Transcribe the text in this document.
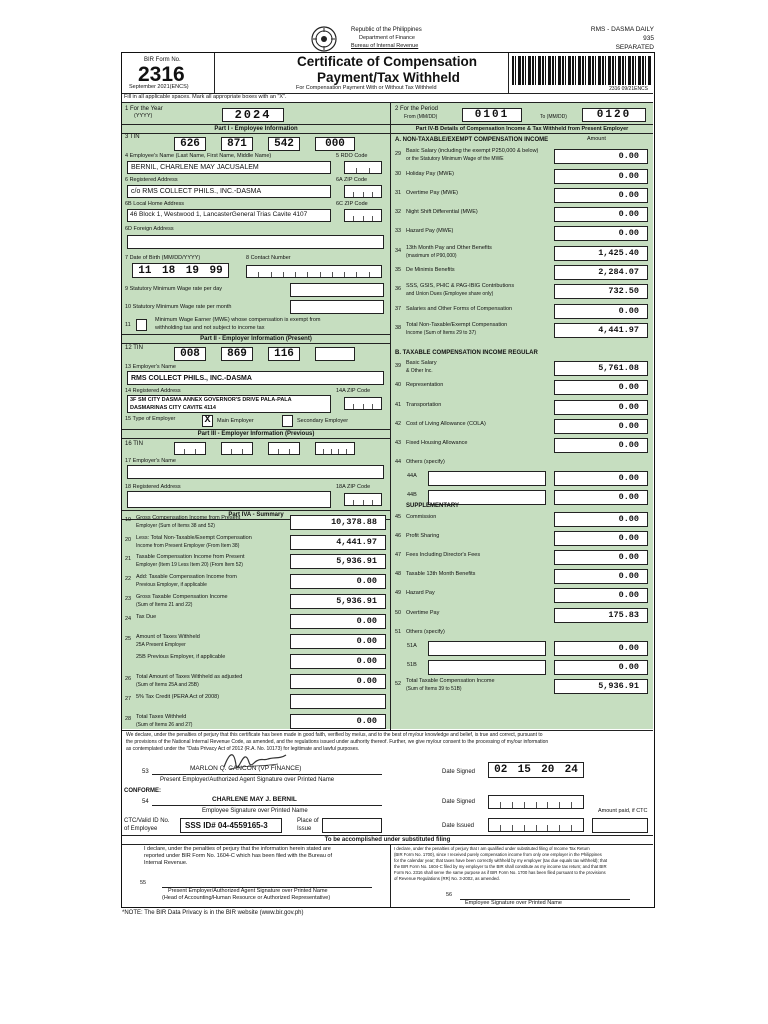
Republic of the Philippines
Department of Finance
Bureau of Internal Revenue
RMS - DASMA DAILY
935
SEPARATED
BIR Form No.
2316
September 2021(ENCS)
Certificate of Compensation
Payment/Tax Withheld
For Compensation Payment With or Without Tax Withheld	2316 09/21ENCS
Fill in all applicable spaces. Mark all appropriate boxes with an "X".
1 For the Year
(YYYY)	2024
Part I - Employee Information
3 TIN
626	871	542	000
4 Employee's Name (Last Name, First Name, Middle Name)	5 RDO Code
BERNIL, CHARLENE MAY JACUSALEM
6 Registered Address	6A ZIP Code
c/o RMS COLLECT PHILS., INC.-DASMA
6B Local Home Address	6C ZIP Code
46 Block 1, Westwood 1, LancasterGeneral Trias Cavite 4107
6D Foreign Address
7 Date of Birth (MM/DD/YYYY)	8 Contact Number
11 18 19 99
9 Statutory Minimum Wage rate per day
10 Statutory Minimum Wage rate per month
11
Minimum Wage Earner (MWE) whose compensation is exempt from
withholding tax and not subject to income tax
Part II - Employer Information (Present)
12 TIN	008	869	116
13 Employer's Name
RMS COLLECT PHILS., INC.-DASMA
14 Registered Address	14A ZIP Code
3F SM CITY DASMA ANNEX GOVERNOR'S DRIVE PALA-PALA
DASMARINAS CITY CAVITE 4114
15 Type of Employer	X	Main Employer	Secondary Employer
Part III - Employer Information (Previous)
16 TIN
17 Employer's Name
18 Registered Address	18A ZIP Code
Part IVA - Summary
19 Gross Compensation Income from Present
Employer (Sum of Items 38 and 52)	10,378.88
20 Less: Total Non-Taxable/Exempt Compensation
Income from Present Employer (From Item 38)	4,441.97
21 Taxable Compensation Income from Present
Employer (Item 19 Less Item 20) (From Item 52)	5,936.91
22 Add: Taxable Compensation Income from
Previous Employer, if applicable	0.00
23 Gross Taxable Compensation Income
(Sum of Items 21 and 22)	5,936.91
24 Tax Due	0.00
25 Amount of Taxes Withheld
25A Present Employer	0.00
25B Previous Employer, if applicable	0.00
26 Total Amount of Taxes Withheld as adjusted
(Sum of Items 25A and 25B)	0.00
27 5% Tax Credit (PERA Act of 2008)
28 Total Taxes Withheld
(Sum of Items 26 and 27)	0.00
2 For the Period
From (MM/DD)	0101	To (MM/DD)	0120
Part IV-B Details of Compensation Income & Tax Withheld from Present Employer
A. NON-TAXABLE/EXEMPT COMPENSATION INCOME	Amount
29 Basic Salary (including the exempt P250,000 & below)
or the Statutory Minimum Wage of the MWE	0.00
30 Holiday Pay (MWE)	0.00
31 Overtime Pay (MWE)	0.00
32 Night Shift Differential (MWE)	0.00
33 Hazard Pay (MWE)	0.00
34 13th Month Pay and Other Benefits
(maximum of P90,000)	1,425.40
35 De Minimis Benefits	2,284.07
36 SSS, GSIS, PHIC & PAG-IBIG Contributions
and Union Dues (Employee share only)	732.50
37 Salaries and Other Forms of Compensation	0.00
38 Total Non-Taxable/Exempt Compensation
Income (Sum of Items 29 to 37)	4,441.97
39 Basic Salary
& Other Inc.	5,761.08
40 Representation	0.00
41 Transportation	0.00
42 Cost of Living Allowance (COLA)	0.00
43 Fixed Housing Allowance	0.00
44 Others (specify)
44A	0.00
44B	0.00
45 Commission	0.00
46 Profit Sharing	0.00
47 Fees Including Director's Fees	0.00
48 Taxable 13th Month Benefits	0.00
49 Hazard Pay	0.00
50 Overtime Pay	175.83
51 Others (specify)
51A	0.00
51B	0.00
52 Total Taxable Compensation Income
(Sum of Items 39 to 51B)	5,936.91
B. TAXABLE COMPENSATION INCOME REGULAR
SUPPLEMENTARY
We declare, under the penalties of perjury that this certificate has been made in good faith, verified by me/us, and to the best of my/our knowledge and belief, is true and correct, pursuant to
the provisions of the National Internal Revenue Code, as amended, and the regulations issued under authority thereof. Further, we give my/our consent to the processing of my/our information
as contemplated under the "Data Privacy Act of 2012 (R.A. No. 10173) for legitimate and lawful purposes.
53	MARLON Q. CANCON (VP FINANCE)
Present Employer/Authorized Agent Signature over Printed Name
Date Signed 02 15 20 24
CONFORME:
54	CHARLENE MAY J. BERNIL
Employee Signature over Printed Name
Date Signed
Amount paid, if CTC
CTC/Valid ID No.
of Employee	SSS ID# 04-4559165-3	Place of
Issue	Date Issued
To be accomplished under substituted filing
I declare, under the penalties of perjury that the information herein stated are
reported under BIR Form No. 1604-C which has been filed with the Bureau of
Internal Revenue.
55
Present Employer/Authorized Agent Signature over Printed Name
(Head of Accounting/Human Resource or Authorized Representative)
I declare, under the penalties of perjury that I am qualified under substituted filing of Income Tax Return
(BIR Form No. 1700), since I received purely compensation income from only one employer in the Philippines
for the calendar year; that taxes have been correctly withheld by my employer (tax due equals tax withheld); that
the BIR Form No. 1604-C filed by my employer to the BIR shall constitute as my income tax return; and that BIR
Form No. 2316 shall serve the same purpose as if BIR Form No. 1700 has been filed pursuant to the provisions
of Revenue Regulations (RR) No. 3-2002, as amended.
56
Employee Signature over Printed Name
*NOTE: The BIR Data Privacy is in the BIR website (www.bir.gov.ph)
